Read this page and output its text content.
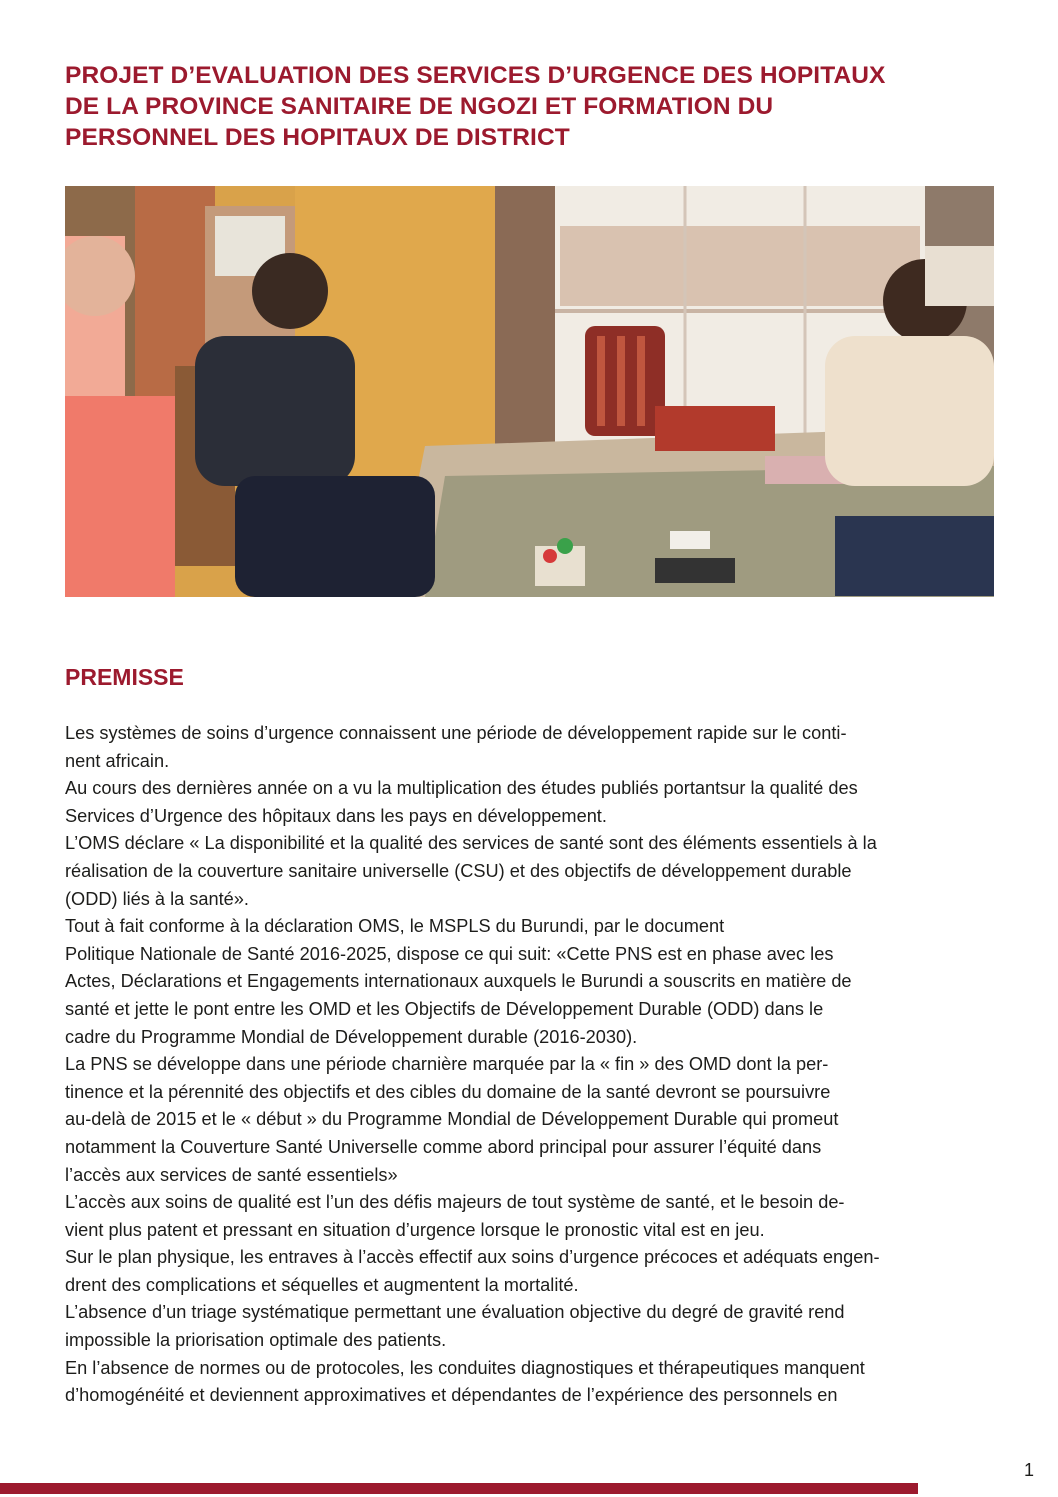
PROJET D’EVALUATION DES SERVICES D’URGENCE DES HOPITAUX
DE LA PROVINCE SANITAIRE DE NGOZI ET FORMATION DU
PERSONNEL DES HOPITAUX DE DISTRICT
PREMISSE
Les systèmes de soins d’urgence connaissent une période de développement rapide sur le conti-
nent africain.
Au cours des dernières année on a vu la multiplication des études publiés portantsur la qualité des
Services d’Urgence des hôpitaux dans les pays en développement.
L’OMS déclare « La disponibilité et la qualité des services de santé sont des éléments essentiels à la
réalisation de la couverture sanitaire universelle (CSU) et des objectifs de développement durable
(ODD) liés à la santé».
Tout à fait conforme à la déclaration OMS, le MSPLS du Burundi, par le document
Politique Nationale de Santé 2016-2025, dispose ce qui suit: «Cette PNS est en phase avec les
Actes, Déclarations et Engagements internationaux auxquels le Burundi a souscrits en matière de
santé et jette le pont entre les OMD et les Objectifs de Développement Durable (ODD) dans le
cadre du Programme Mondial de Développement durable (2016-2030).
La PNS se développe dans une période charnière marquée par la « fin » des OMD dont la per-
tinence et la pérennité des objectifs et des cibles du domaine de la santé devront se poursuivre
au-delà de 2015 et le « début » du Programme Mondial de Développement Durable qui promeut
notamment la Couverture Santé Universelle comme abord principal pour assurer l’équité dans
l’accès aux services de santé essentiels»
L’accès aux soins de qualité est l’un des défis majeurs de tout système de santé, et le besoin de-
vient plus patent et pressant en situation d’urgence lorsque le pronostic vital est en jeu.
Sur le plan physique, les entraves à l’accès effectif aux soins d’urgence précoces et adéquats engen-
drent des complications et séquelles et augmentent la mortalité.
L’absence d’un triage systématique permettant une évaluation objective du degré de gravité rend
impossible la priorisation optimale des patients.
En l’absence de normes ou de protocoles, les conduites diagnostiques et thérapeutiques manquent
d’homogénéité et deviennent approximatives et dépendantes de l’expérience des personnels en
1
